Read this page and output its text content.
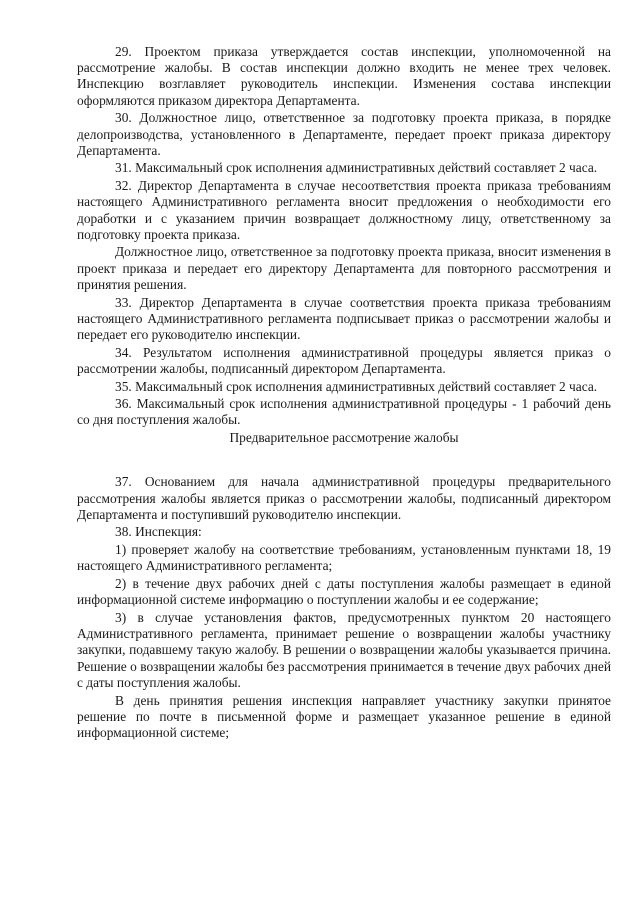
29. Проектом приказа утверждается состав инспекции, уполномоченной на рассмотрение жалобы. В состав инспекции должно входить не менее трех человек. Инспекцию возглавляет руководитель инспекции. Изменения состава инспекции оформляются приказом директора Департамента.

30. Должностное лицо, ответственное за подготовку проекта приказа, в порядке делопроизводства, установленного в Департаменте, передает проект приказа директору Департамента.

31. Максимальный срок исполнения административных действий составляет 2 часа.

32. Директор Департамента в случае несоответствия проекта приказа требованиям настоящего Административного регламента вносит предложения о необходимости его доработки и с указанием причин возвращает должностному лицу, ответственному за подготовку проекта приказа.

Должностное лицо, ответственное за подготовку проекта приказа, вносит изменения в проект приказа и передает его директору Департамента для повторного рассмотрения и принятия решения.

33. Директор Департамента в случае соответствия проекта приказа требованиям настоящего Административного регламента подписывает приказ о рассмотрении жалобы и передает его руководителю инспекции.

34. Результатом исполнения административной процедуры является приказ о рассмотрении жалобы, подписанный директором Департамента.

35. Максимальный срок исполнения административных действий составляет 2 часа.

36. Максимальный срок исполнения административной процедуры - 1 рабочий день со дня поступления жалобы.

Предварительное рассмотрение жалобы

37. Основанием для начала административной процедуры предварительного рассмотрения жалобы является приказ о рассмотрении жалобы, подписанный директором Департамента и поступивший руководителю инспекции.

38. Инспекция:

1) проверяет жалобу на соответствие требованиям, установленным пунктами 18, 19 настоящего Административного регламента;

2) в течение двух рабочих дней с даты поступления жалобы размещает в единой информационной системе информацию о поступлении жалобы и ее содержание;

3) в случае установления фактов, предусмотренных пунктом 20 настоящего Административного регламента, принимает решение о возвращении жалобы участнику закупки, подавшему такую жалобу. В решении о возвращении жалобы указывается причина. Решение о возвращении жалобы без рассмотрения принимается в течение двух рабочих дней с даты поступления жалобы.

В день принятия решения инспекция направляет участнику закупки принятое решение по почте в письменной форме и размещает указанное решение в единой информационной системе;
